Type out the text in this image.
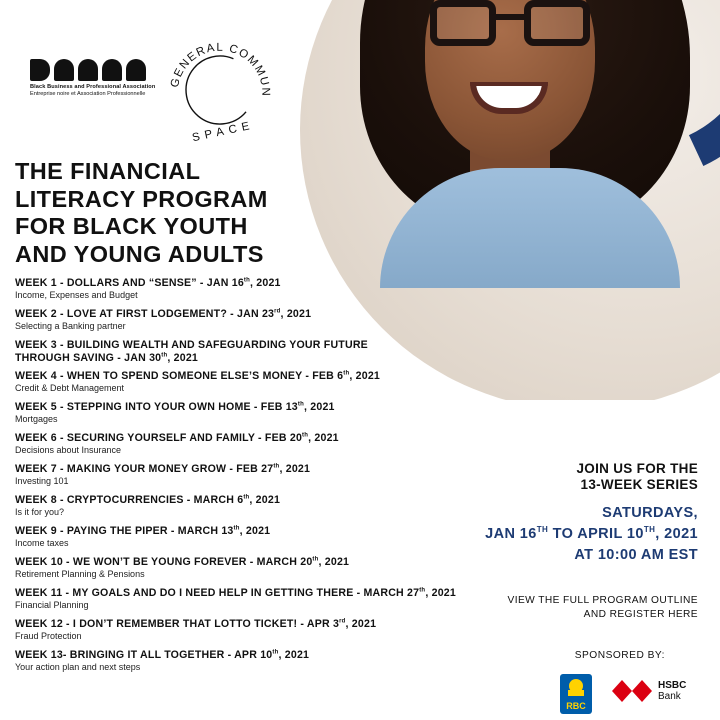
Black Business and Professional Association
Entreprise noire et Association Professionnelle
GENERAL COMMUN
SPACE
THE FINANCIAL
LITERACY PROGRAM
FOR BLACK YOUTH
AND YOUNG ADULTS
WEEK 1 - DOLLARS AND “SENSE” - JAN 16th, 2021
Income, Expenses and Budget
WEEK 2 - LOVE AT FIRST LODGEMENT? - JAN 23rd, 2021
Selecting a Banking partner
WEEK 3 - BUILDING WEALTH AND SAFEGUARDING YOUR FUTURE THROUGH SAVING - JAN 30th, 2021
WEEK 4 - WHEN TO SPEND SOMEONE ELSE’S MONEY - FEB 6th, 2021
Credit & Debt Management
WEEK 5 - STEPPING INTO YOUR OWN HOME - FEB 13th, 2021
Mortgages
WEEK 6 - SECURING YOURSELF AND FAMILY - FEB 20th, 2021
Decisions about Insurance
WEEK 7 - MAKING YOUR MONEY GROW - FEB 27th, 2021
Investing 101
WEEK 8 - CRYPTOCURRENCIES - MARCH 6th, 2021
Is it for you?
WEEK 9 - PAYING THE PIPER - MARCH 13th, 2021
Income taxes
WEEK 10 - WE WON’T BE YOUNG FOREVER - MARCH 20th, 2021
Retirement Planning & Pensions
WEEK 11 - MY GOALS AND DO I NEED HELP IN GETTING THERE - MARCH 27th, 2021
Financial Planning
WEEK 12 - I DON’T REMEMBER THAT LOTTO TICKET! - APR 3rd, 2021
Fraud Protection
WEEK 13- BRINGING IT ALL TOGETHER - APR 10th, 2021
Your action plan and next steps
JOIN US FOR THE
13-WEEK SERIES
SATURDAYS,
JAN 16TH TO APRIL 10TH, 2021
AT 10:00 AM EST
VIEW THE FULL PROGRAM OUTLINE
AND REGISTER HERE
SPONSORED BY:
RBC
HSBC
Bank
